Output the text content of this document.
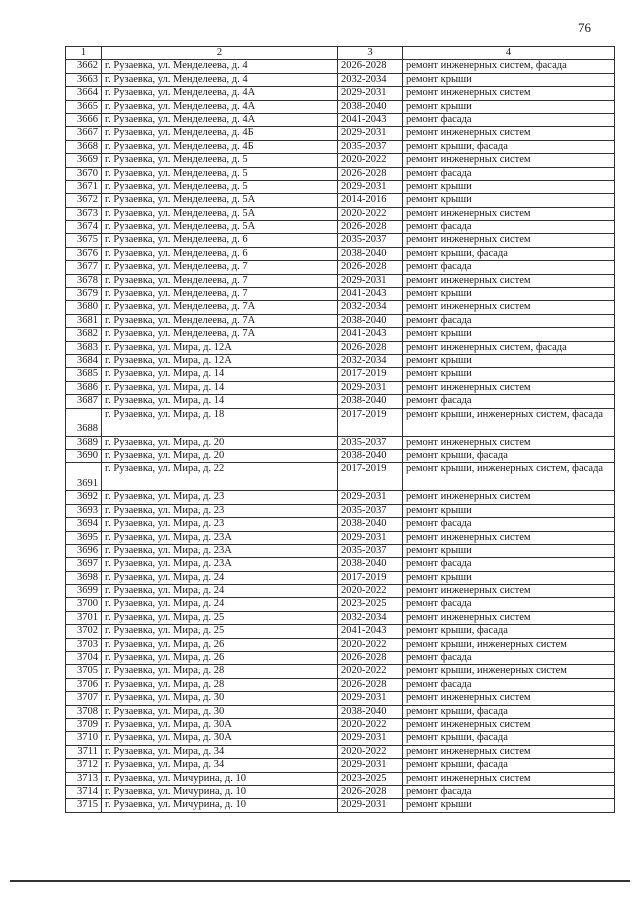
76
1	2	3	4
3662	г. Рузаевка, ул. Менделеева, д. 4	2026-2028	ремонт инженерных систем, фасада
3663	г. Рузаевка, ул. Менделеева, д. 4	2032-2034	ремонт крыши
3664	г. Рузаевка, ул. Менделеева, д. 4А	2029-2031	ремонт инженерных систем
3665	г. Рузаевка, ул. Менделеева, д. 4А	2038-2040	ремонт крыши
3666	г. Рузаевка, ул. Менделеева, д. 4А	2041-2043	ремонт фасада
3667	г. Рузаевка, ул. Менделеева, д. 4Б	2029-2031	ремонт инженерных систем
3668	г. Рузаевка, ул. Менделеева, д. 4Б	2035-2037	ремонт крыши, фасада
3669	г. Рузаевка, ул. Менделеева, д. 5	2020-2022	ремонт инженерных систем
3670	г. Рузаевка, ул. Менделеева, д. 5	2026-2028	ремонт фасада
3671	г. Рузаевка, ул. Менделеева, д. 5	2029-2031	ремонт крыши
3672	г. Рузаевка, ул. Менделеева, д. 5А	2014-2016	ремонт крыши
3673	г. Рузаевка, ул. Менделеева, д. 5А	2020-2022	ремонт инженерных систем
3674	г. Рузаевка, ул. Менделеева, д. 5А	2026-2028	ремонт фасада
3675	г. Рузаевка, ул. Менделеева, д. 6	2035-2037	ремонт инженерных систем
3676	г. Рузаевка, ул. Менделеева, д. 6	2038-2040	ремонт крыши, фасада
3677	г. Рузаевка, ул. Менделеева, д. 7	2026-2028	ремонт фасада
3678	г. Рузаевка, ул. Менделеева, д. 7	2029-2031	ремонт инженерных систем
3679	г. Рузаевка, ул. Менделеева, д. 7	2041-2043	ремонт крыши
3680	г. Рузаевка, ул. Менделеева, д. 7А	2032-2034	ремонт инженерных систем
3681	г. Рузаевка, ул. Менделеева, д. 7А	2038-2040	ремонт фасада
3682	г. Рузаевка, ул. Менделеева, д. 7А	2041-2043	ремонт крыши
3683	г. Рузаевка, ул. Мира, д. 12А	2026-2028	ремонт инженерных систем, фасада
3684	г. Рузаевка, ул. Мира, д. 12А	2032-2034	ремонт крыши
3685	г. Рузаевка, ул. Мира, д. 14	2017-2019	ремонт крыши
3686	г. Рузаевка, ул. Мира, д. 14	2029-2031	ремонт инженерных систем
3687	г. Рузаевка, ул. Мира, д. 14	2038-2040	ремонт фасада
3688	г. Рузаевка, ул. Мира, д. 18	2017-2019	ремонт крыши, инженерных систем, фасада
3689	г. Рузаевка, ул. Мира, д. 20	2035-2037	ремонт инженерных систем
3690	г. Рузаевка, ул. Мира, д. 20	2038-2040	ремонт крыши, фасада
3691	г. Рузаевка, ул. Мира, д. 22	2017-2019	ремонт крыши, инженерных систем, фасада
3692	г. Рузаевка, ул. Мира, д. 23	2029-2031	ремонт инженерных систем
3693	г. Рузаевка, ул. Мира, д. 23	2035-2037	ремонт крыши
3694	г. Рузаевка, ул. Мира, д. 23	2038-2040	ремонт фасада
3695	г. Рузаевка, ул. Мира, д. 23А	2029-2031	ремонт инженерных систем
3696	г. Рузаевка, ул. Мира, д. 23А	2035-2037	ремонт крыши
3697	г. Рузаевка, ул. Мира, д. 23А	2038-2040	ремонт фасада
3698	г. Рузаевка, ул. Мира, д. 24	2017-2019	ремонт крыши
3699	г. Рузаевка, ул. Мира, д. 24	2020-2022	ремонт инженерных систем
3700	г. Рузаевка, ул. Мира, д. 24	2023-2025	ремонт фасада
3701	г. Рузаевка, ул. Мира, д. 25	2032-2034	ремонт инженерных систем
3702	г. Рузаевка, ул. Мира, д. 25	2041-2043	ремонт крыши, фасада
3703	г. Рузаевка, ул. Мира, д. 26	2020-2022	ремонт крыши, инженерных систем
3704	г. Рузаевка, ул. Мира, д. 26	2026-2028	ремонт фасада
3705	г. Рузаевка, ул. Мира, д. 28	2020-2022	ремонт крыши, инженерных систем
3706	г. Рузаевка, ул. Мира, д. 28	2026-2028	ремонт фасада
3707	г. Рузаевка, ул. Мира, д. 30	2029-2031	ремонт инженерных систем
3708	г. Рузаевка, ул. Мира, д. 30	2038-2040	ремонт крыши, фасада
3709	г. Рузаевка, ул. Мира, д. 30А	2020-2022	ремонт инженерных систем
3710	г. Рузаевка, ул. Мира, д. 30А	2029-2031	ремонт крыши, фасада
3711	г. Рузаевка, ул. Мира, д. 34	2020-2022	ремонт инженерных систем
3712	г. Рузаевка, ул. Мира, д. 34	2029-2031	ремонт крыши, фасада
3713	г. Рузаевка, ул. Мичурина, д. 10	2023-2025	ремонт инженерных систем
3714	г. Рузаевка, ул. Мичурина, д. 10	2026-2028	ремонт фасада
3715	г. Рузаевка, ул. Мичурина, д. 10	2029-2031	ремонт крыши
